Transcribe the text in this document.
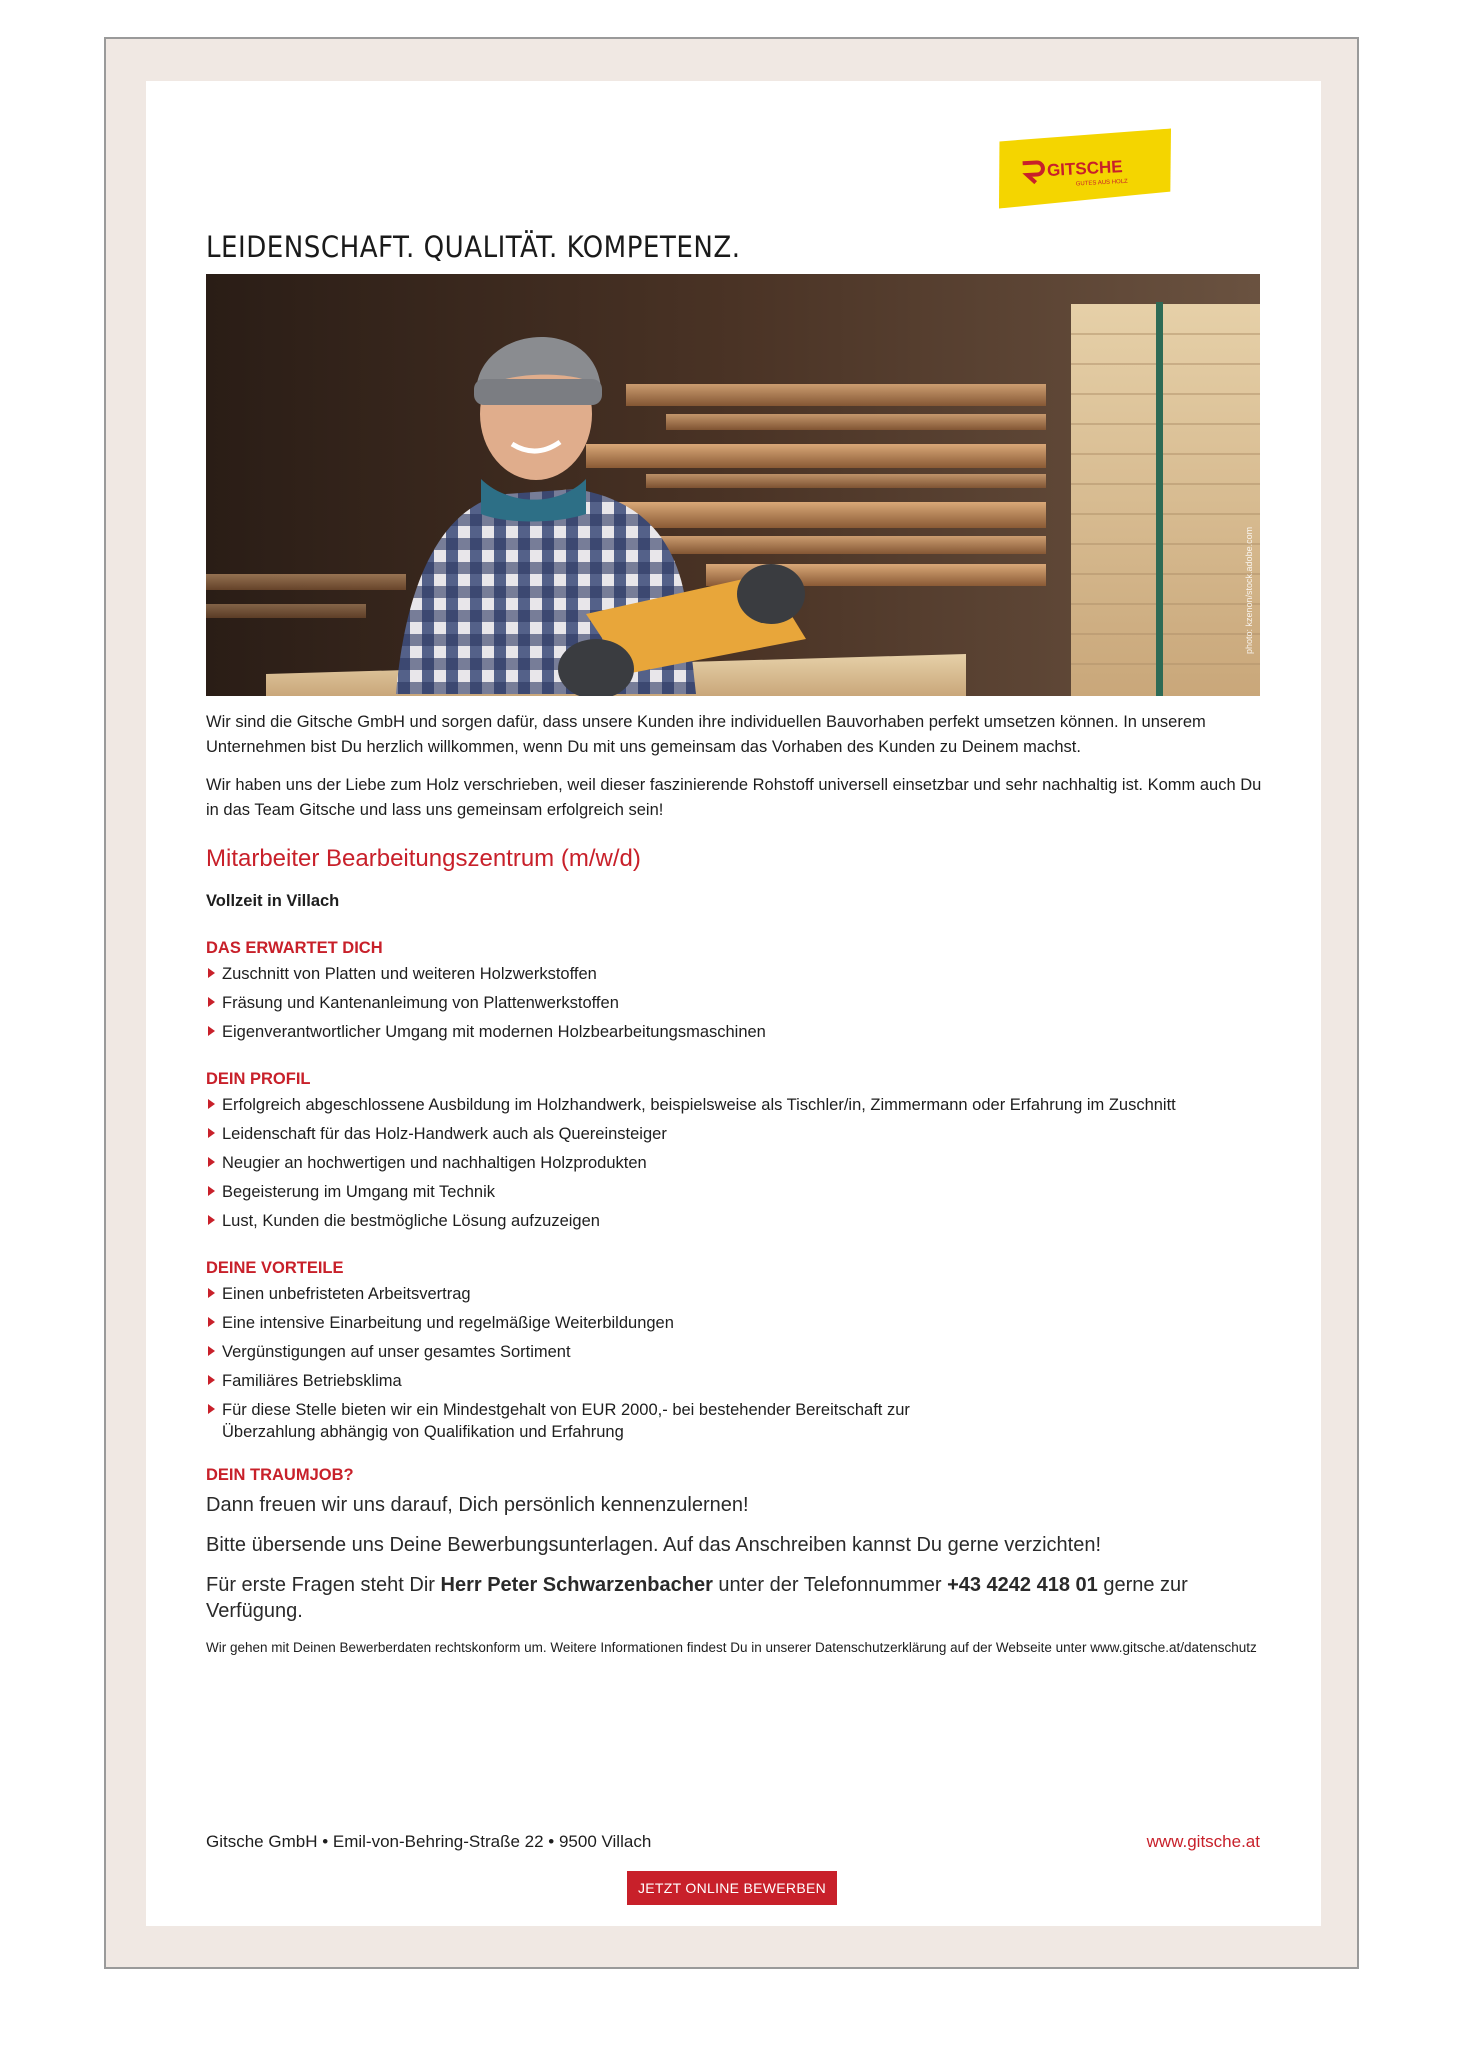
GITSCHE
GUTES AUS HOLZ
LEIDENSCHAFT. QUALITÄT. KOMPETENZ.
photo: kzenon/stock.adobe.com

Wir sind die Gitsche GmbH und sorgen dafür, dass unsere Kunden ihre individuellen Bauvorhaben perfekt umsetzen können. In unserem Unternehmen bist Du herzlich willkommen, wenn Du mit uns gemeinsam das Vorhaben des Kunden zu Deinem machst.

Wir haben uns der Liebe zum Holz verschrieben, weil dieser faszinierende Rohstoff universell einsetzbar und sehr nachhaltig ist. Komm auch Du in das Team Gitsche und lass uns gemeinsam erfolgreich sein!

Mitarbeiter Bearbeitungszentrum (m/w/d)

Vollzeit in Villach

DAS ERWARTET DICH
Zuschnitt von Platten und weiteren Holzwerkstoffen
Fräsung und Kantenanleimung von Plattenwerkstoffen
Eigenverantwortlicher Umgang mit modernen Holzbearbeitungsmaschinen
DEIN PROFIL
Erfolgreich abgeschlossene Ausbildung im Holzhandwerk, beispielsweise als Tischler/in, Zimmermann oder Erfahrung im Zuschnitt
Leidenschaft für das Holz-Handwerk auch als Quereinsteiger
Neugier an hochwertigen und nachhaltigen Holzprodukten
Begeisterung im Umgang mit Technik
Lust, Kunden die bestmögliche Lösung aufzuzeigen
DEINE VORTEILE
Einen unbefristeten Arbeitsvertrag
Eine intensive Einarbeitung und regelmäßige Weiterbildungen
Vergünstigungen auf unser gesamtes Sortiment
Familiäres Betriebsklima
Für diese Stelle bieten wir ein Mindestgehalt von EUR 2000,- bei bestehender Bereitschaft zur Überzahlung abhängig von Qualifikation und Erfahrung
DEIN TRAUMJOB?

Dann freuen wir uns darauf, Dich persönlich kennenzulernen!

Bitte übersende uns Deine Bewerbungsunterlagen. Auf das Anschreiben kannst Du gerne verzichten!

Für erste Fragen steht Dir Herr Peter Schwarzenbacher unter der Telefonnummer +43 4242 418 01 gerne zur Verfügung.

Wir gehen mit Deinen Bewerberdaten rechtskonform um. Weitere Informationen findest Du in unserer Datenschutzerklärung auf der Webseite unter www.gitsche.at/datenschutz

Gitsche GmbH • Emil-von-Behring-Straße 22 • 9500 Villach	www.gitsche.at
JETZT ONLINE BEWERBEN
